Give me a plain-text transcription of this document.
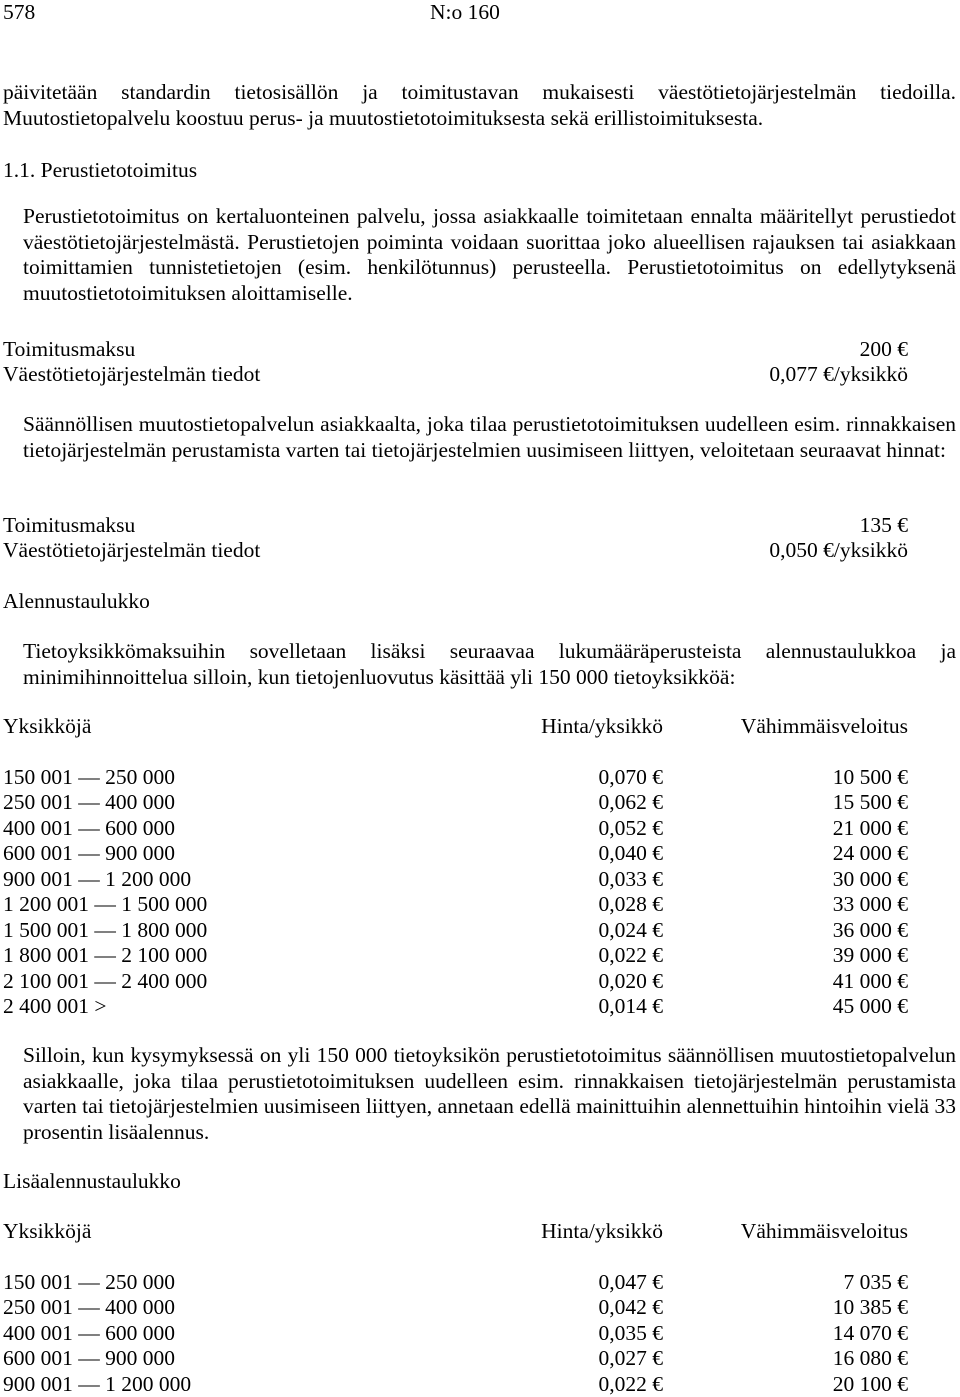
578	N:o 160

päivitetään standardin tietosisällön ja toimitustavan mukaisesti väestötietojärjestelmän tiedoilla. Muutostietopalvelu koostuu perus- ja muutostietotoimituksesta sekä erillistoimituksesta.

1.1. Perustietotoimitus

Perustietotoimitus on kertaluonteinen palvelu, jossa asiakkaalle toimitetaan ennalta määritellyt perustiedot väestötietojärjestelmästä. Perustietojen poiminta voidaan suorittaa joko alueellisen rajauksen tai asiakkaan toimittamien tunnistetietojen (esim. henkilötunnus) perusteella. Perustietotoimitus on edellytyksenä muutostietotoimituksen aloittamiselle.

Toimitusmaksu	200 €
Väestötietojärjestelmän tiedot	0,077 €/yksikkö

Säännöllisen muutostietopalvelun asiakkaalta, joka tilaa perustietotoimituksen uudelleen esim. rinnakkaisen tietojärjestelmän perustamista varten tai tietojärjestelmien uusimiseen liittyen, veloitetaan seuraavat hinnat:

Toimitusmaksu	135 €
Väestötietojärjestelmän tiedot	0,050 €/yksikkö
Alennustaulukko

Tietoyksikkömaksuihin sovelletaan lisäksi seuraavaa lukumääräperusteista alennustaulukkoa ja minimihinnoittelua silloin, kun tietojenluovutus käsittää yli 150 000 tietoyksikköä:

Yksikköjä	Hinta/yksikkö	Vähimmäisveloitus

150 001 — 250 000	0,070 €	10 500 €
250 001 — 400 000	0,062 €	15 500 €
400 001 — 600 000	0,052 €	21 000 €
600 001 — 900 000	0,040 €	24 000 €
900 001 — 1 200 000	0,033 €	30 000 €
1 200 001 — 1 500 000	0,028 €	33 000 €
1 500 001 — 1 800 000	0,024 €	36 000 €
1 800 001 — 2 100 000	0,022 €	39 000 €
2 100 001 — 2 400 000	0,020 €	41 000 €
2 400 001 >	0,014 €	45 000 €

Silloin, kun kysymyksessä on yli 150 000 tietoyksikön perustietotoimitus säännöllisen muutostietopalvelun asiakkaalle, joka tilaa perustietotoimituksen uudelleen esim. rinnakkaisen tietojärjestelmän perustamista varten tai tietojärjestelmien uusimiseen liittyen, annetaan edellä mainittuihin alennettuihin hintoihin vielä 33 prosentin lisäalennus.

Lisäalennustaulukko
Yksikköjä	Hinta/yksikkö	Vähimmäisveloitus

150 001 — 250 000	0,047 €	7 035 €
250 001 — 400 000	0,042 €	10 385 €
400 001 — 600 000	0,035 €	14 070 €
600 001 — 900 000	0,027 €	16 080 €
900 001 — 1 200 000	0,022 €	20 100 €
